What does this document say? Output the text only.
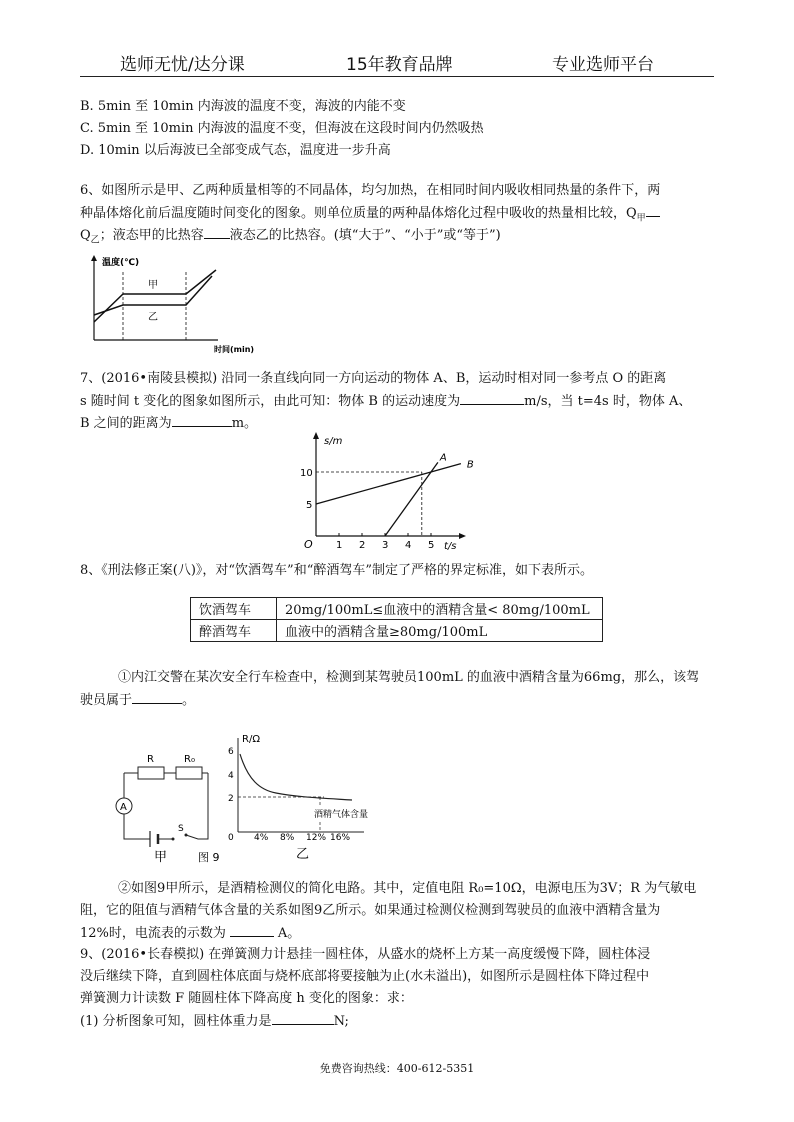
选师无忧/达分课	15年教育品牌	专业选师平台
B. 5min 至 10min 内海波的温度不变，海波的内能不变
C. 5min 至 10min 内海波的温度不变，但海波在这段时间内仍然吸热
D. 10min 以后海波已全部变成气态，温度进一步升高
6、如图所示是甲、乙两种质量相等的不同晶体，均匀加热，在相同时间内吸收相同热量的条件下，两
种晶体熔化前后温度随时间变化的图象。则单位质量的两种晶体熔化过程中吸收的热量相比较，$Q_甲$
$Q_乙$；液态甲的比热容 液态乙的比热容。(填“大于”、“小于”或“等于”)
温度(℃)
时间(min)
甲
乙
7、(2016•南陵县模拟) 沿同一条直线向同一方向运动的物体 A、B，运动时相对同一参考点 O 的距离
s 随时间 t 变化的图象如图所示，由此可知：物体 B 的运动速度为	m/s，当 t=4s 时，物体 A、
B 之间的距离为	m。
s/m
t/s
O 1 2 3 4 5
5
10
A
B
8、《刑法修正案(八)》，对“饮酒驾车”和“醉酒驾车”制定了严格的界定标准，如下表所示。
饮酒驾车	20mg/100mL≤血液中的酒精含量< 80mg/100mL
醉酒驾车	血液中的酒精含量≥80mg/100mL
①内江交警在某次安全行车检查中，检测到某驾驶员100mL 的血液中酒精含量为66mg，那么，该驾
驶员属于	。
R	R₀
A
S
甲	图 9
R/Ω
6
4
2
酒精气体含量
0 4% 8% 12% 16%
乙
②如图9甲所示，是酒精检测仪的简化电路。其中，定值电阻 R₀=10Ω，电源电压为3V；R 为气敏电
阻，它的阻值与酒精气体含量的关系如图9乙所示。如果通过检测仪检测到驾驶员的血液中酒精含量为
12%时，电流表的示数为	A。
9、(2016•长春模拟) 在弹簧测力计悬挂一圆柱体，从盛水的烧杯上方某一高度缓慢下降，圆柱体浸
没后继续下降，直到圆柱体底面与烧杯底部将要接触为止(水未溢出)，如图所示是圆柱体下降过程中
弹簧测力计读数 F 随圆柱体下降高度 h 变化的图象：求：
(1) 分析图象可知，圆柱体重力是	N;
免费咨询热线：400-612-5351
